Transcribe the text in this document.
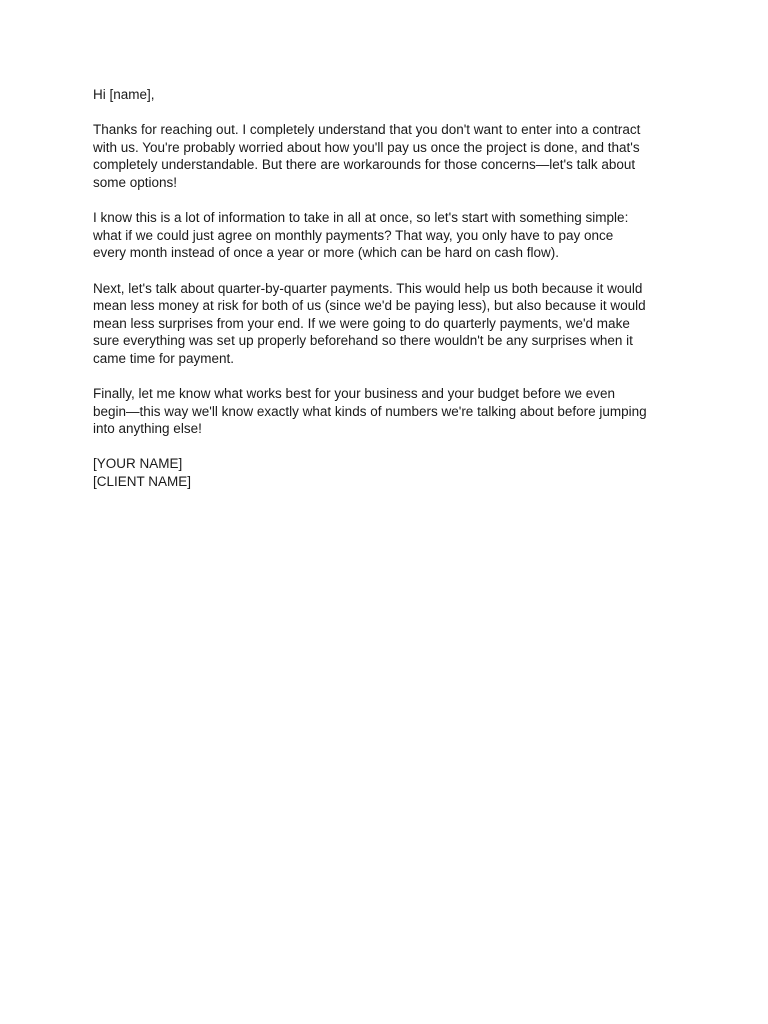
Hi [name],

Thanks for reaching out. I completely understand that you don't want to enter into a contract
with us. You're probably worried about how you'll pay us once the project is done, and that's
completely understandable. But there are workarounds for those concerns—let's talk about
some options!

I know this is a lot of information to take in all at once, so let's start with something simple:
what if we could just agree on monthly payments? That way, you only have to pay once
every month instead of once a year or more (which can be hard on cash flow).

Next, let's talk about quarter-by-quarter payments. This would help us both because it would
mean less money at risk for both of us (since we'd be paying less), but also because it would
mean less surprises from your end. If we were going to do quarterly payments, we'd make
sure everything was set up properly beforehand so there wouldn't be any surprises when it
came time for payment.

Finally, let me know what works best for your business and your budget before we even
begin—this way we'll know exactly what kinds of numbers we're talking about before jumping
into anything else!

[YOUR NAME]
[CLIENT NAME]
